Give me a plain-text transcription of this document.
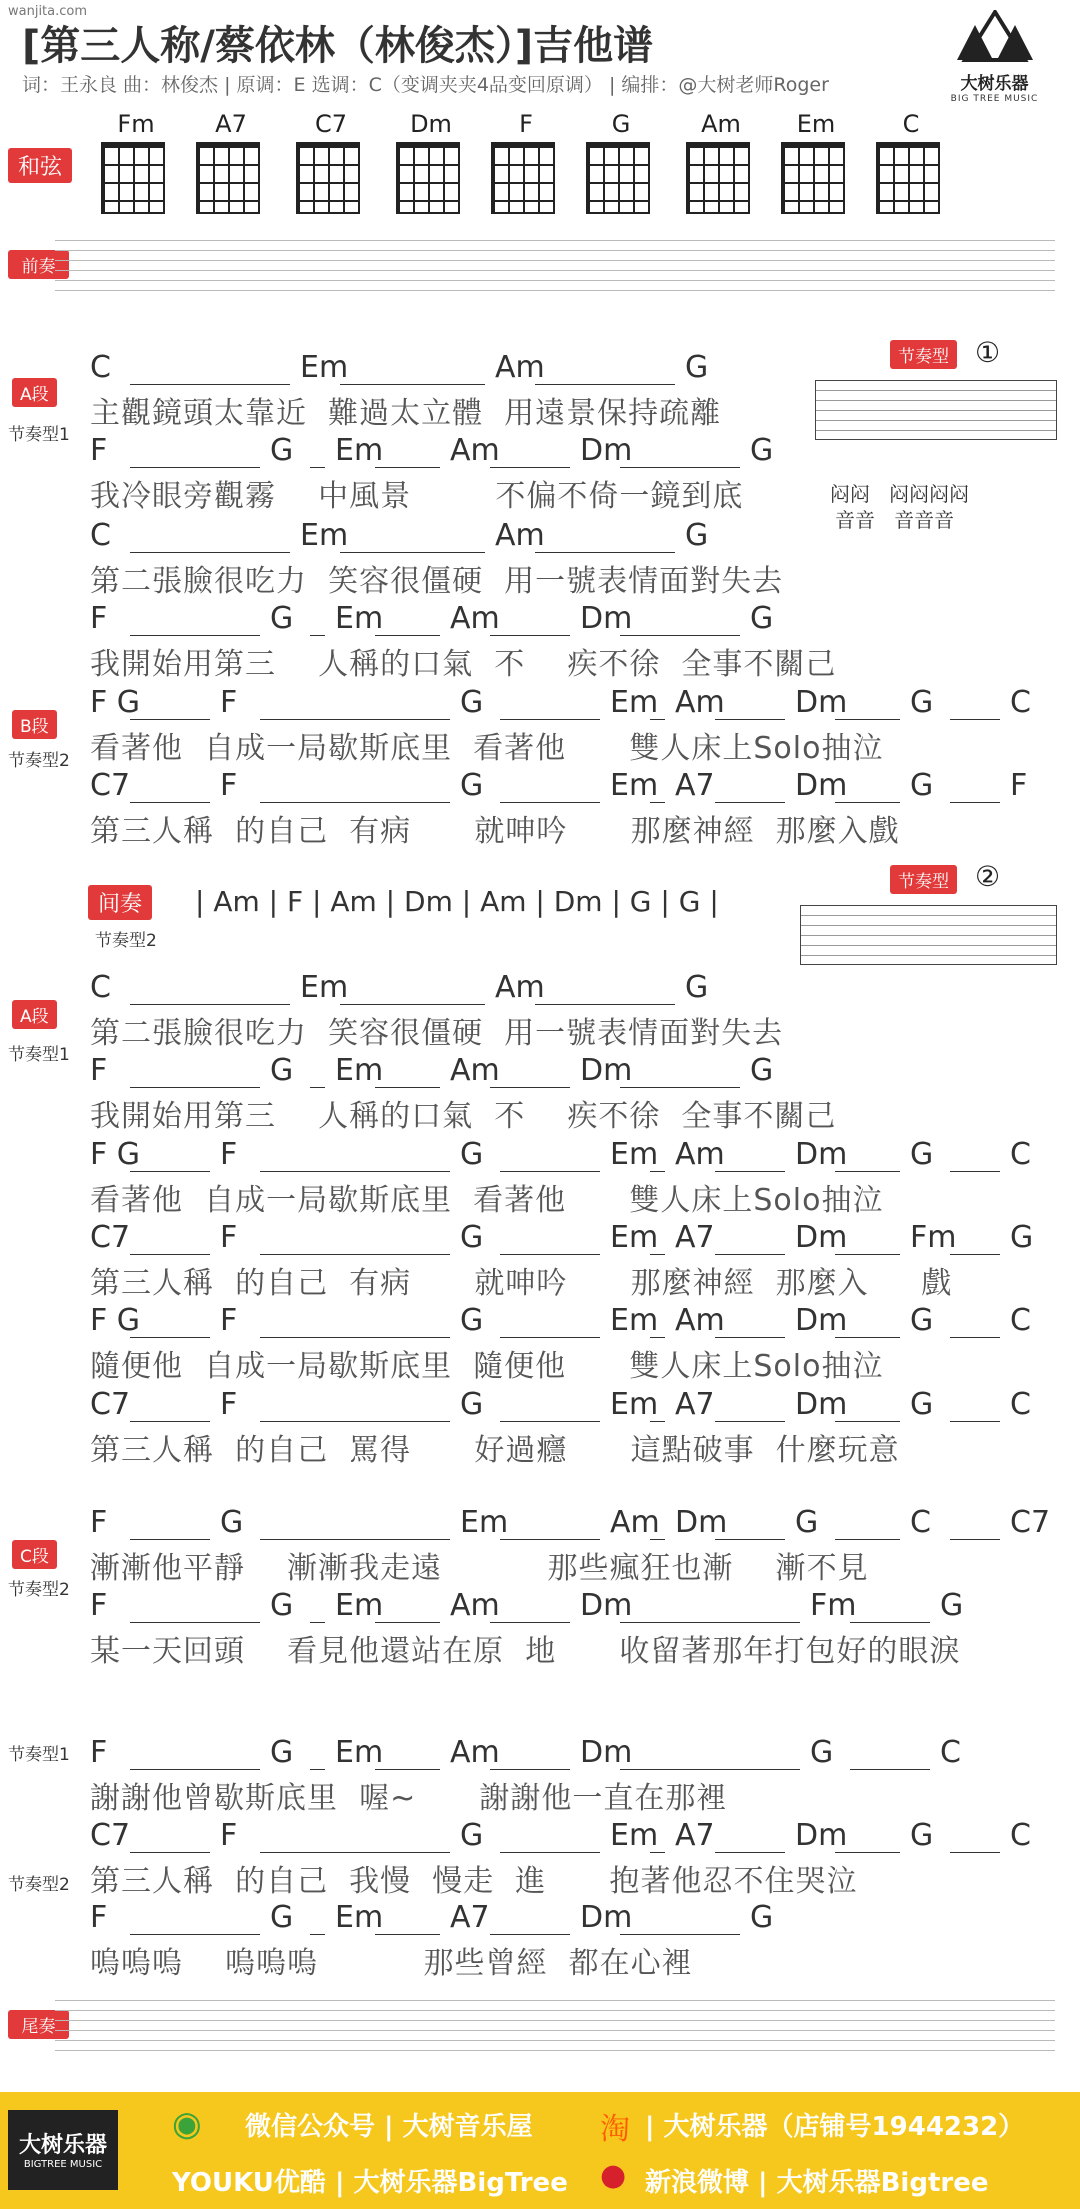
wanjita.com
[第三人称/蔡依林（林俊杰）]吉他谱
词：王永良 曲：林俊杰 | 原调：E 选调：C（变调夹夹4品变回原调） | 编排：@大树老师Roger	大树乐器
BIG TREE MUSIC
和弦
Fm	A7	C7	Dm	F	G	Am	Em	C
前奏
节奏型 ①
闷闷 闷闷闷闷
音音 音音音
节奏型 ②
A段
节奏型1
B段
节奏型2
间奏
节奏型2
| Am | F | Am | Dm | Am | Dm | G | G |
A段
节奏型1
C段
节奏型2
节奏型1
节奏型2
C	Em	Am	G
主觀鏡頭太靠近  難過太立體  用遠景保持疏離
F	G Em Am	Dm	G
我冷眼旁觀霧    中風景        不偏不倚一鏡到底
C	Em	Am	G
第二張臉很吃力  笑容很僵硬  用一號表情面對失去
F	G Em Am	Dm	G
我開始用第三    人稱的口氣  不    疾不徐  全事不關己
F G	F	G	Em Am Dm G	C
看著他  自成一局歇斯底里  看著他      雙人床上Solo抽泣
C7	F	G	Em A7	Dm G	F
第三人稱  的自己  有病      就呻吟      那麼神經  那麼入戲
C	Em	Am	G
第二張臉很吃力  笑容很僵硬  用一號表情面對失去
F	G Em Am	Dm	G
我開始用第三    人稱的口氣  不    疾不徐  全事不關己
F G	F	G	Em Am Dm G	C
看著他  自成一局歇斯底里  看著他      雙人床上Solo抽泣
C7	F	G	Em A7	Dm Fm G
第三人稱  的自己  有病      就呻吟      那麼神經  那麼入     戲
F G	F	G	Em Am Dm G	C
隨便他  自成一局歇斯底里  隨便他      雙人床上Solo抽泣
C7	F	G	Em A7	Dm G	C
第三人稱  的自己  罵得      好過癮      這點破事  什麼玩意
F	G	Em	Am Dm G	C	C7
漸漸他平靜    漸漸我走遠          那些瘋狂也漸    漸不見
F	G Em Am	Dm	Fm	G
某一天回頭    看見他還站在原  地      收留著那年打包好的眼淚
F	G Em Am	Dm	G	C
謝謝他曾歇斯底里  喔~      謝謝他一直在那裡
C7	F	G	Em A7	Dm G	C
第三人稱  的自己  我慢  慢走  進      抱著他忍不住哭泣
F	G Em A7	Dm	G
嗚嗚嗚    嗚嗚嗚          那些曾經  都在心裡
尾奏
大树乐器
BIGTREE MUSIC
◉ 微信公众号 | 大树音乐屋 淘 | 大树乐器（店铺号1944232）
YOUKU优酷 | 大树乐器BigTree ● 新浪微博 | 大树乐器Bigtree
